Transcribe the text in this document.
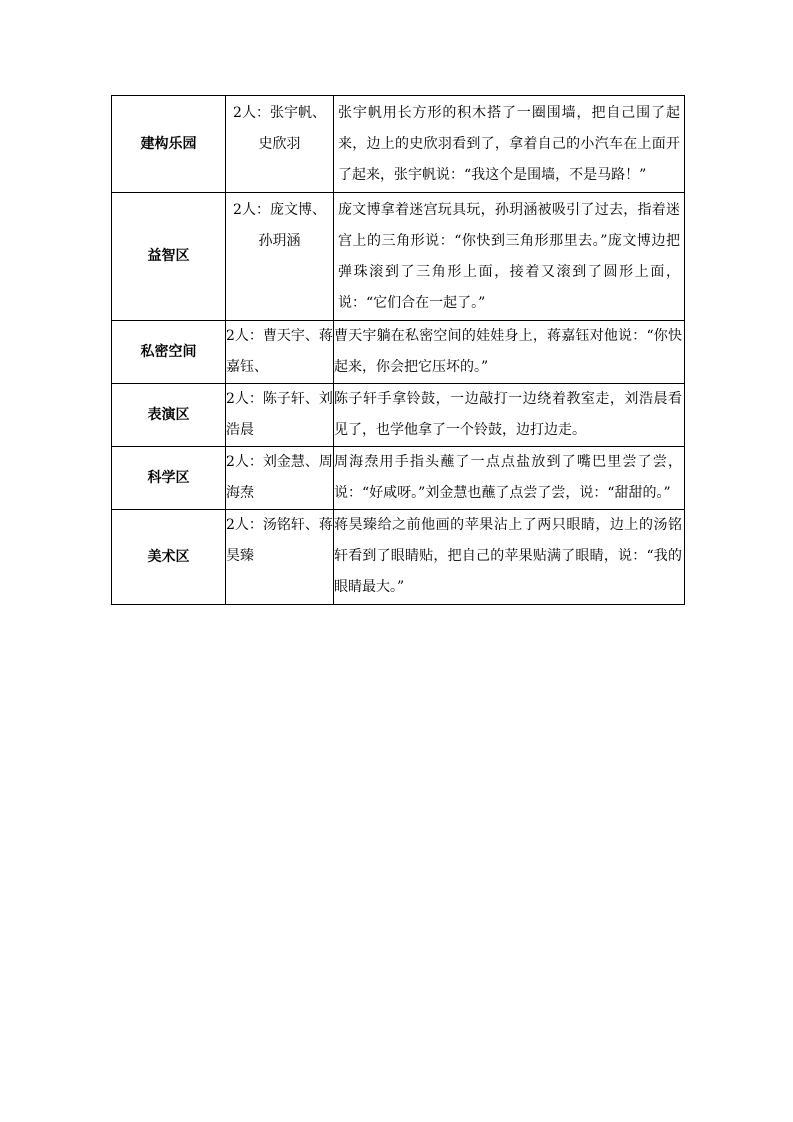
建构乐园	2人：张宇帆、史欣羽	张宇帆用长方形的积木搭了一圈围墙，把自己围了起来，边上的史欣羽看到了，拿着自己的小汽车在上面开了起来，张宇帆说：“我这个是围墙，不是马路！”
益智区	2人：庞文博、孙玥涵	庞文博拿着迷宫玩具玩，孙玥涵被吸引了过去，指着迷宫上的三角形说：“你快到三角形那里去。”庞文博边把弹珠滚到了三角形上面，接着又滚到了圆形上面，说：“它们合在一起了。”
私密空间	2人：曹天宇、蒋嘉钰、	曹天宇躺在私密空间的娃娃身上，蒋嘉钰对他说：“你快起来，你会把它压坏的。”
表演区	2人：陈子轩、刘浩晨	陈子轩手拿铃鼓，一边敲打一边绕着教室走，刘浩晨看见了，也学他拿了一个铃鼓，边打边走。
科学区	2人：刘金慧、周海焘	周海焘用手指头蘸了一点点盐放到了嘴巴里尝了尝，说：“好咸呀。”刘金慧也蘸了点尝了尝，说：“甜甜的。”
美术区	2人：汤铭轩、蒋昊臻	蒋昊臻给之前他画的苹果沾上了两只眼睛，边上的汤铭轩看到了眼睛贴，把自己的苹果贴满了眼睛，说：“我的眼睛最大。”
